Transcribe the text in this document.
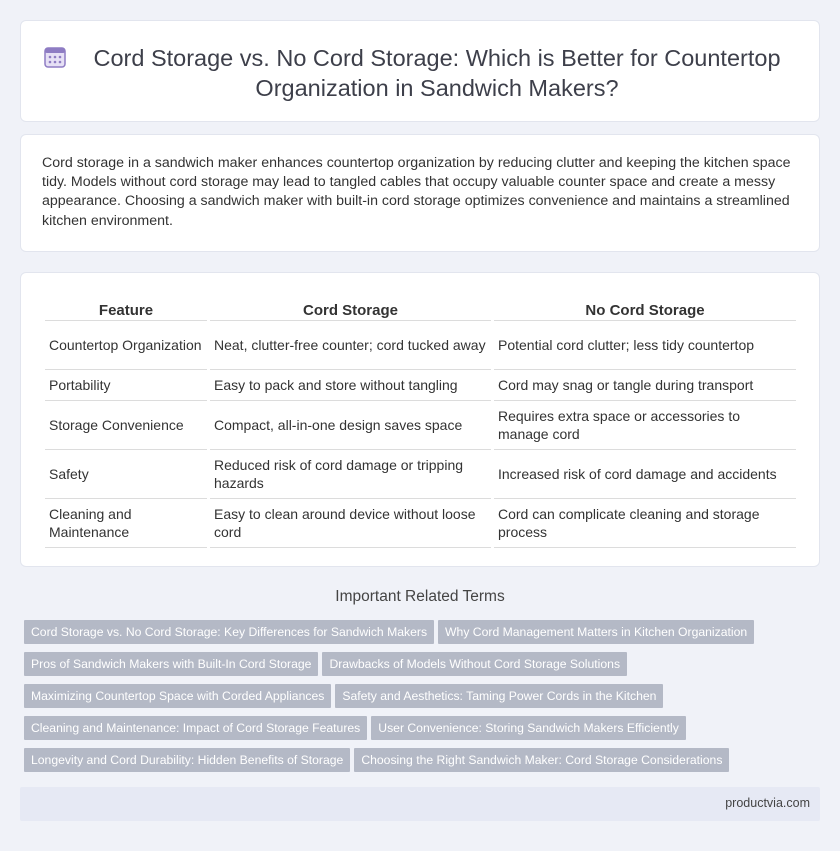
Cord Storage vs. No Cord Storage: Which is Better for Countertop Organization in Sandwich Makers?

Cord storage in a sandwich maker enhances countertop organization by reducing clutter and keeping the kitchen space tidy. Models without cord storage may lead to tangled cables that occupy valuable counter space and create a messy appearance. Choosing a sandwich maker with built-in cord storage optimizes convenience and maintains a streamlined kitchen environment.

Feature	Cord Storage	No Cord Storage
Countertop Organization	Neat, clutter-free counter; cord tucked away	Potential cord clutter; less tidy countertop
Portability	Easy to pack and store without tangling	Cord may snag or tangle during transport
Storage Convenience	Compact, all-in-one design saves space	Requires extra space or accessories to manage cord
Safety	Reduced risk of cord damage or tripping hazards	Increased risk of cord damage and accidents
Cleaning and Maintenance	Easy to clean around device without loose cord	Cord can complicate cleaning and storage process
Important Related Terms
Cord Storage vs. No Cord Storage: Key Differences for Sandwich Makers Why Cord Management Matters in Kitchen Organization
Pros of Sandwich Makers with Built-In Cord Storage Drawbacks of Models Without Cord Storage Solutions
Maximizing Countertop Space with Corded Appliances Safety and Aesthetics: Taming Power Cords in the Kitchen
Cleaning and Maintenance: Impact of Cord Storage Features User Convenience: Storing Sandwich Makers Efficiently
Longevity and Cord Durability: Hidden Benefits of Storage Choosing the Right Sandwich Maker: Cord Storage Considerations
productvia.com
